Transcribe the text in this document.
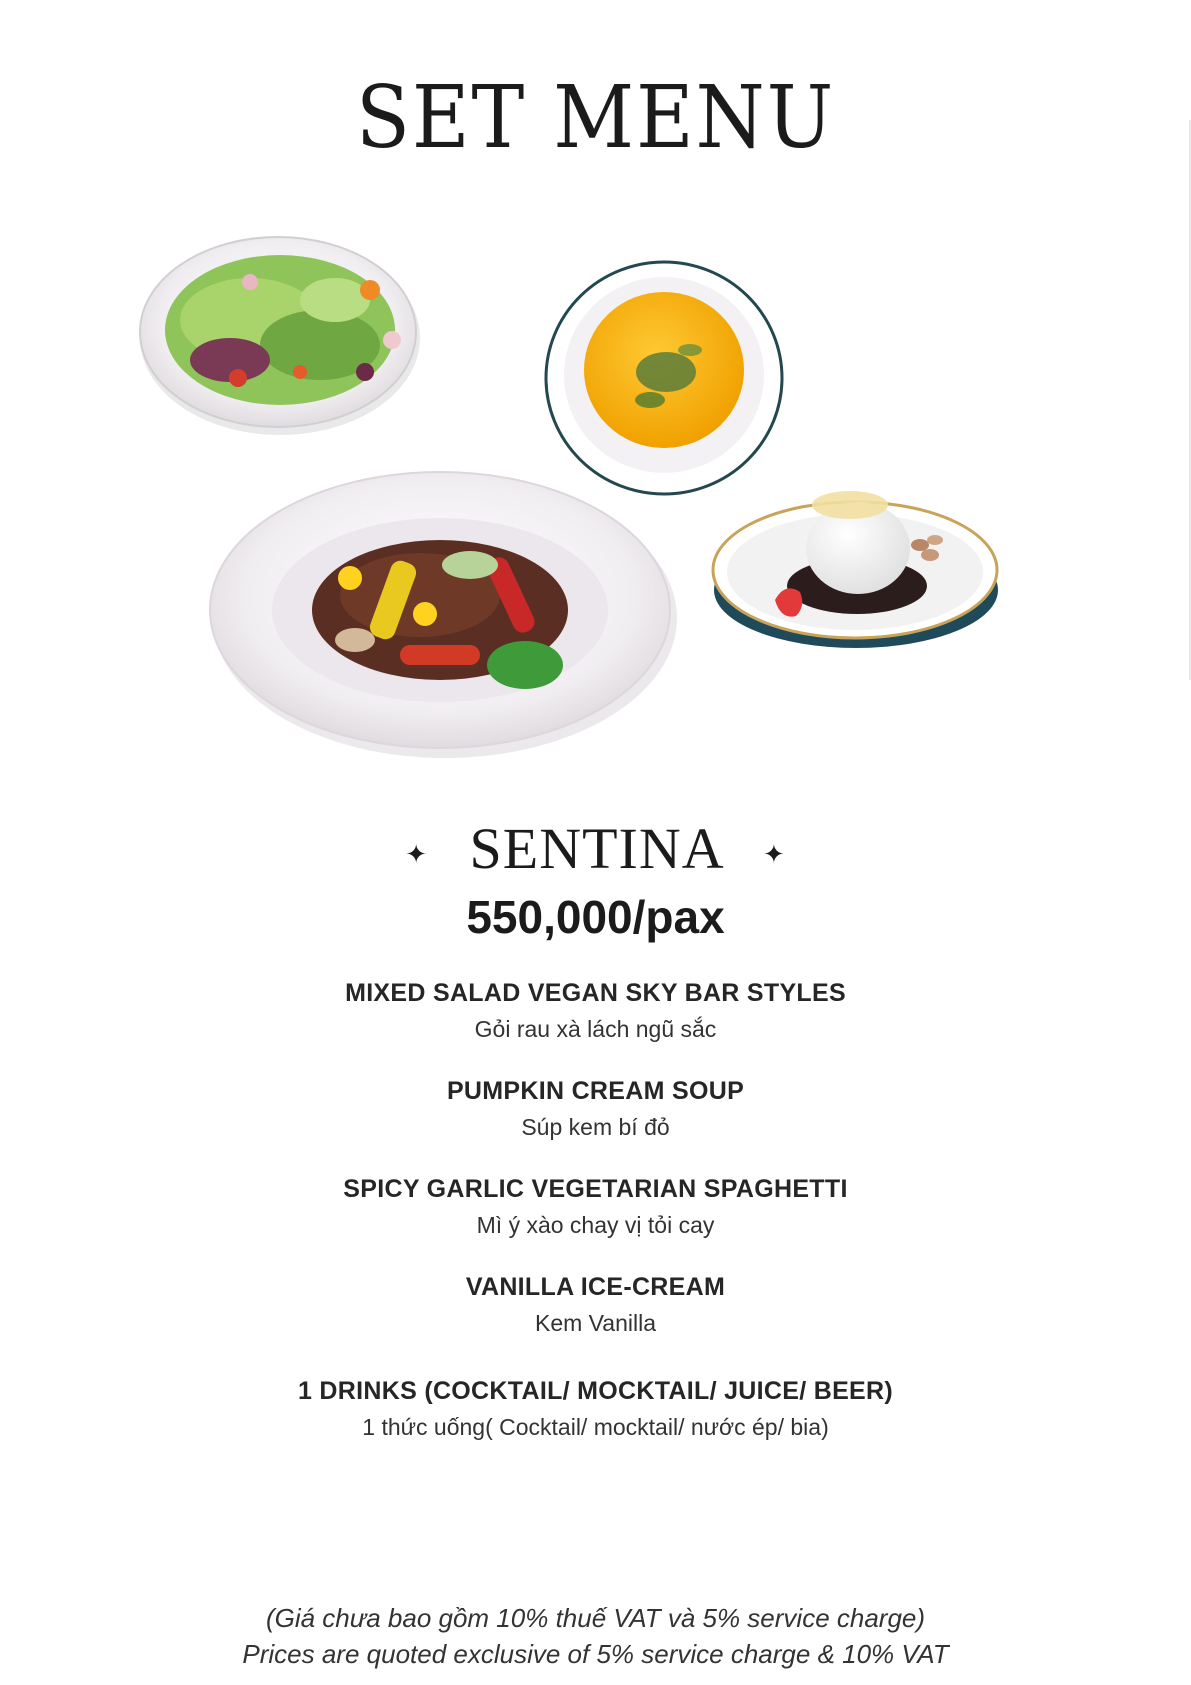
SET MENU
✦ SENTINA ✦
550,000/pax
MIXED SALAD VEGAN SKY BAR STYLES
Gỏi rau xà lách ngũ sắc
PUMPKIN CREAM SOUP
Súp kem bí đỏ
SPICY GARLIC VEGETARIAN SPAGHETTI
Mì ý xào chay vị tỏi cay
VANILLA ICE-CREAM
Kem Vanilla
1 DRINKS (COCKTAIL/ MOCKTAIL/ JUICE/ BEER)
1 thức uống( Cocktail/ mocktail/ nước ép/ bia)
(Giá chưa bao gồm 10% thuế VAT và 5% service charge)
Prices are quoted exclusive of 5% service charge & 10% VAT
